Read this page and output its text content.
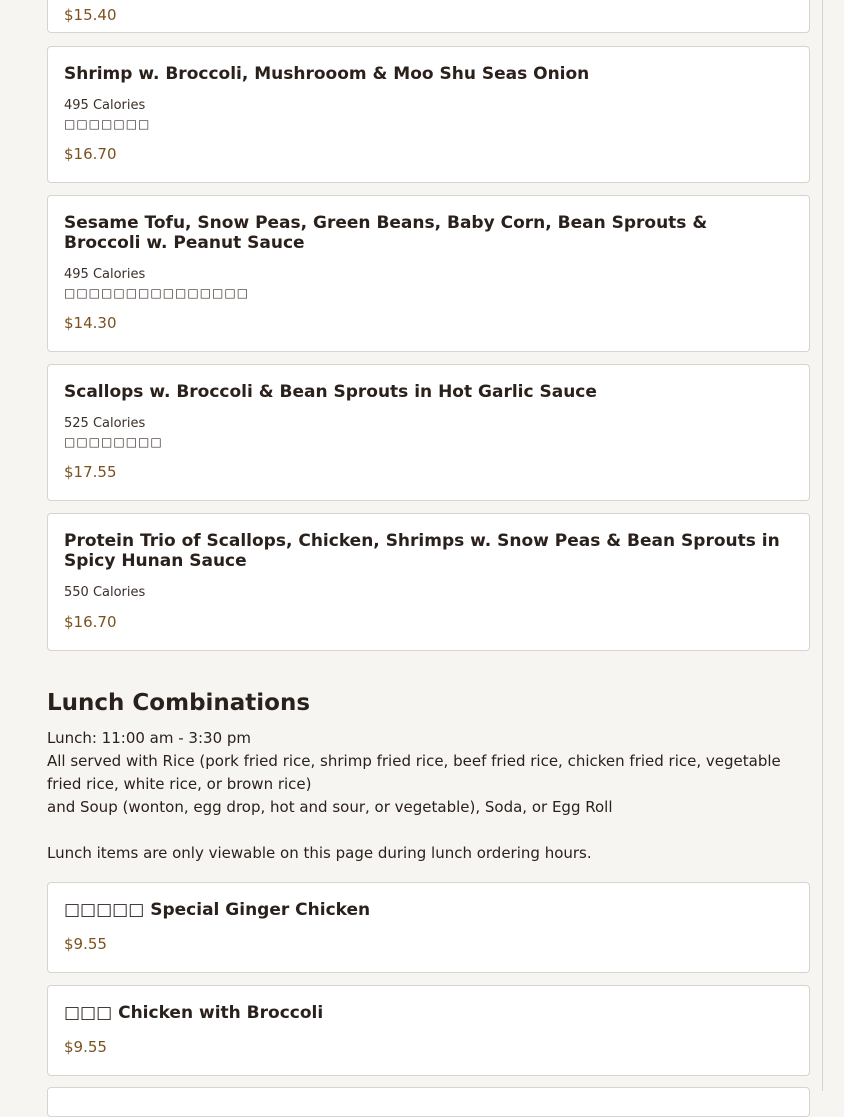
$15.40
Shrimp w. Broccoli, Mushrooom & Moo Shu Seas Onion
495 Calories
□□□□□□□
$16.70
Sesame Tofu, Snow Peas, Green Beans, Baby Corn, Bean Sprouts & Broccoli w. Peanut Sauce
495 Calories
□□□□□□□□□□□□□□□
$14.30
Scallops w. Broccoli & Bean Sprouts in Hot Garlic Sauce
525 Calories
□□□□□□□□
$17.55
Protein Trio of Scallops, Chicken, Shrimps w. Snow Peas & Bean Sprouts in Spicy Hunan Sauce
550 Calories
$16.70
Lunch Combinations
Lunch: 11:00 am - 3:30 pm
All served with Rice (pork fried rice, shrimp fried rice, beef fried rice, chicken fried rice, vegetable fried rice, white rice, or brown rice)
and Soup (wonton, egg drop, hot and sour, or vegetable), Soda, or Egg Roll
Lunch items are only viewable on this page during lunch ordering hours.
□□□□□ Special Ginger Chicken
$9.55
□□□ Chicken with Broccoli
$9.55
